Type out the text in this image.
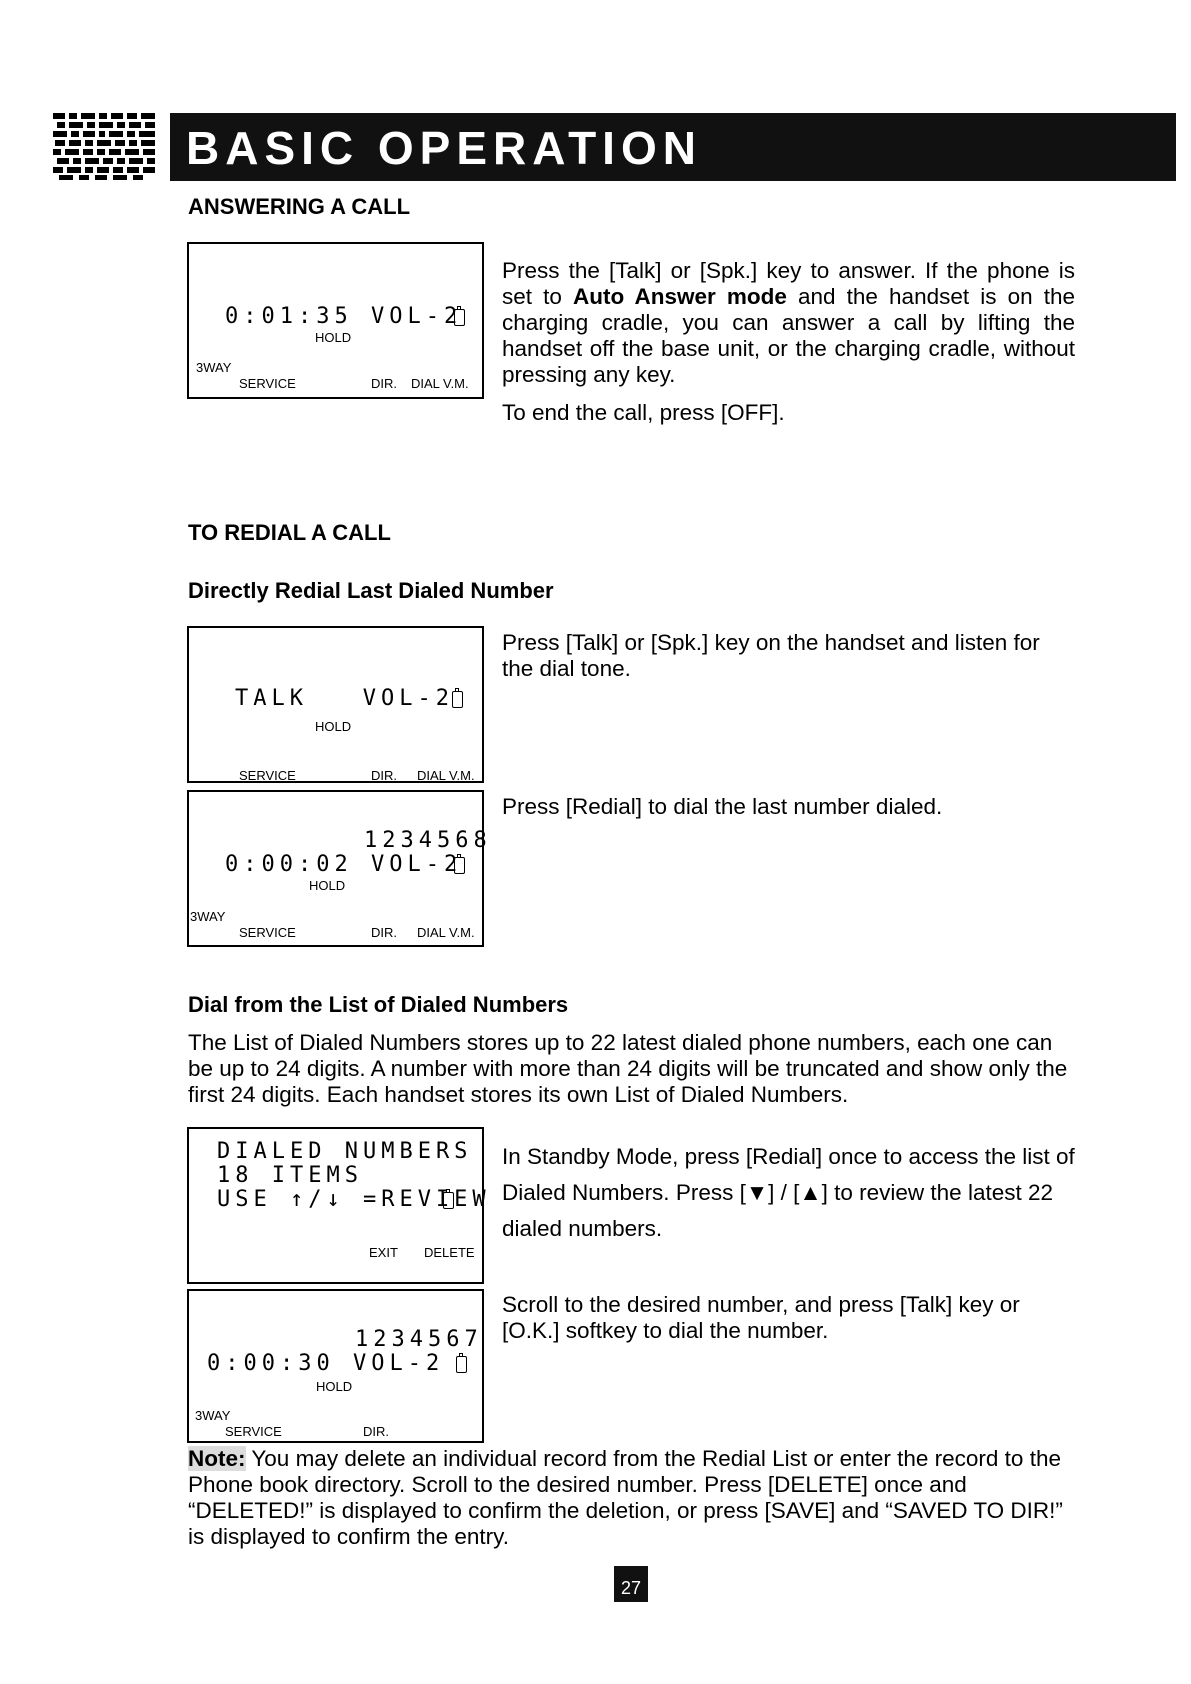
BASIC OPERATION
ANSWERING A CALL
0:01:35 VOL-2
HOLD
3WAY
SERVICE	DIR. DIAL V.M.
Press the [Talk] or [Spk.] key to answer. If the phone is set to Auto Answer mode and the handset is on the charging cradle, you can answer a call by lifting the handset off the base unit, or the charging cradle, without pressing any key.
To end the call, press [OFF].
TO REDIAL A CALL
Directly Redial Last Dialed Number
TALK   VOL-2
HOLD
SERVICE	DIR. DIAL V.M.
Press [Talk] or [Spk.] key on the handset and listen for the dial tone.
1234568
0:00:02 VOL-2
HOLD
3WAY
SERVICE	DIR. DIAL V.M.
Press [Redial] to dial the last number dialed.
Dial from the List of Dialed Numbers
The List of Dialed Numbers stores up to 22 latest dialed phone numbers, each one can be up to 24 digits. A number with more than 24 digits will be truncated and show only the first 24 digits. Each handset stores its own List of Dialed Numbers.
DIALED NUMBERS
18 ITEMS
USE ↑/↓ =REVIEW
EXIT DELETE
In Standby Mode, press [Redial] once to access the list of Dialed Numbers. Press [▼] / [▲] to review the latest 22 dialed numbers.
1234567
0:00:30 VOL-2
HOLD
3WAY
SERVICE	DIR.
Scroll to the desired number, and press [Talk] key or [O.K.] softkey to dial the number.
Note: You may delete an individual record from the Redial List or enter the record to the Phone book directory. Scroll to the desired number. Press [DELETE] once and “DELETED!” is displayed to confirm the deletion, or press [SAVE] and “SAVED TO DIR!” is displayed to confirm the entry.
27
